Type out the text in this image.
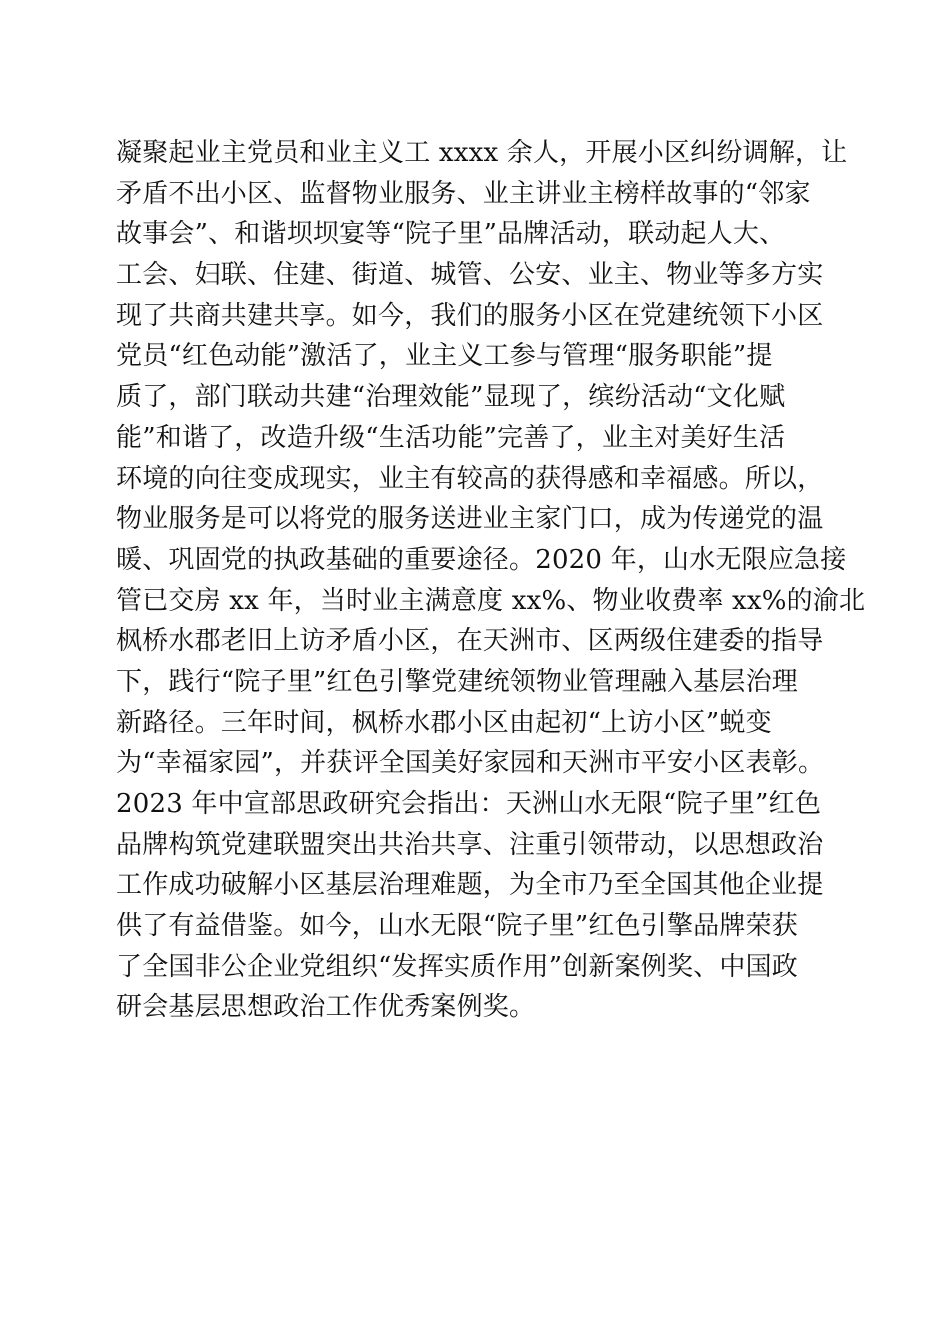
凝聚起业主党员和业主义工 xxxx 余人，开展小区纠纷调解，让
矛盾不出小区、监督物业服务、业主讲业主榜样故事的“邻家
故事会”、和谐坝坝宴等“院子里”品牌活动，联动起人大、
工会、妇联、住建、街道、城管、公安、业主、物业等多方实
现了共商共建共享。如今，我们的服务小区在党建统领下小区
党员“红色动能”激活了，业主义工参与管理“服务职能”提
质了，部门联动共建“治理效能”显现了，缤纷活动“文化赋
能”和谐了，改造升级“生活功能”完善了，业主对美好生活
环境的向往变成现实，业主有较高的获得感和幸福感。所以，
物业服务是可以将党的服务送进业主家门口，成为传递党的温
暖、巩固党的执政基础的重要途径。2020 年，山水无限应急接
管已交房 xx 年，当时业主满意度 xx%、物业收费率 xx%的渝北
枫桥水郡老旧上访矛盾小区，在天洲市、区两级住建委的指导
下，践行“院子里”红色引擎党建统领物业管理融入基层治理
新路径。三年时间，枫桥水郡小区由起初“上访小区”蜕变
为“幸福家园”，并获评全国美好家园和天洲市平安小区表彰。
2023 年中宣部思政研究会指出：天洲山水无限“院子里”红色
品牌构筑党建联盟突出共治共享、注重引领带动，以思想政治
工作成功破解小区基层治理难题，为全市乃至全国其他企业提
供了有益借鉴。如今，山水无限“院子里”红色引擎品牌荣获
了全国非公企业党组织“发挥实质作用”创新案例奖、中国政
研会基层思想政治工作优秀案例奖。
